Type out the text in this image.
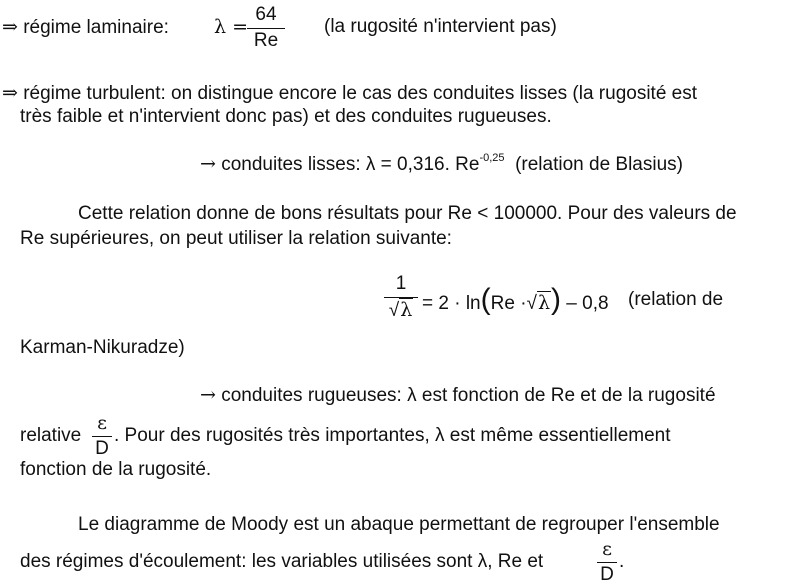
⇒ régime laminaire: λ =
$\frac{64}{Re} (la$ rugosité n'intervient pas)
⇒ régime turbulent: on distingue encore le cas des conduites lisses (la rugosité est
très faible et n'intervient donc pas) et des conduites rugueuses.
→ conduites lisses: λ = 0,316. $Re^{-0,25}$ (relation de Blasius)
Cette relation donne de bons résultats pour Re < 100000. Pour des valeurs de
Re supérieures, on peut utiliser la relation suivante:
$\frac{1}{√\lambda} = 2 \cdot \ln(Re \cdot√\lambda) - 0,8$ (relation de
Karman-Nikuradze)
→ conduites rugueuses: λ est fonction de Re et de la rugosité
relative $\frac{\varepsilon}{D}$ . Pour des rugosités très importantes, λ est même essentiellement
fonction de la rugosité.
Le diagramme de Moody est un abaque permettant de regrouper l'ensemble
des régimes d'écoulement: les variables utilisées sont λ, Re et	$\frac{\varepsilon}{D}$ .
